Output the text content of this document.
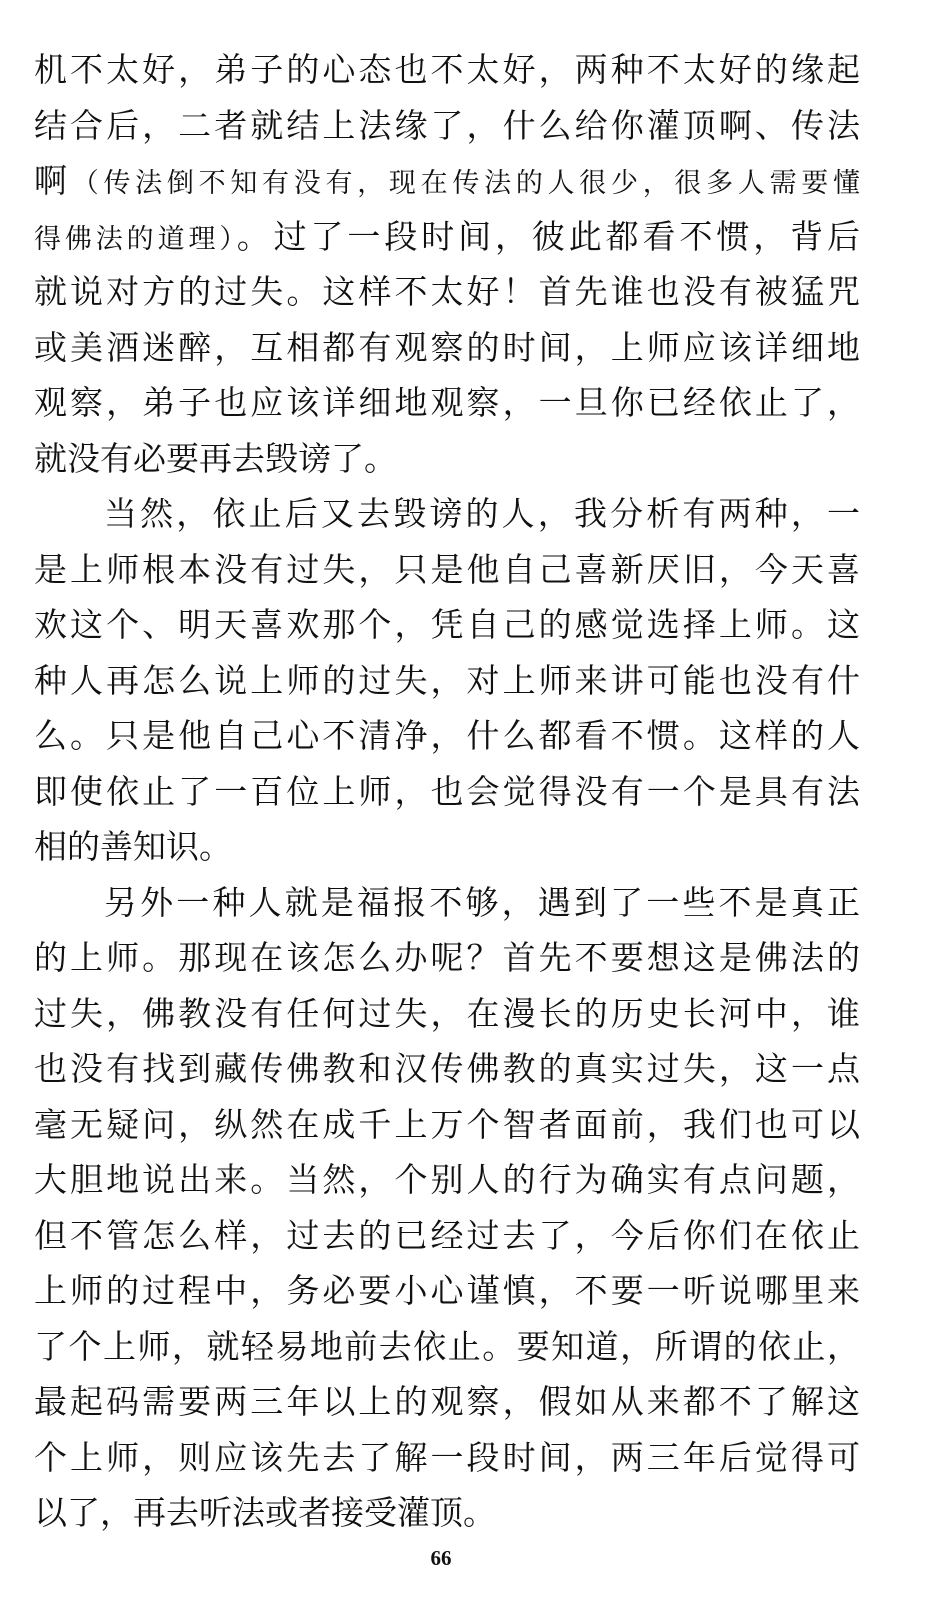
机不太好，弟子的心态也不太好，两种不太好的缘起
结合后，二者就结上法缘了，什么给你灌顶啊、传法
啊（传法倒不知有没有，现在传法的人很少，很多人需要懂
得佛法的道理）。过了一段时间，彼此都看不惯，背后
就说对方的过失。这样不太好！首先谁也没有被猛咒
或美酒迷醉，互相都有观察的时间，上师应该详细地
观察，弟子也应该详细地观察，一旦你已经依止了，
就没有必要再去毁谤了。
当然，依止后又去毁谤的人，我分析有两种，一
是上师根本没有过失，只是他自己喜新厌旧，今天喜
欢这个、明天喜欢那个，凭自己的感觉选择上师。这
种人再怎么说上师的过失，对上师来讲可能也没有什
么。只是他自己心不清净，什么都看不惯。这样的人
即使依止了一百位上师，也会觉得没有一个是具有法
相的善知识。
另外一种人就是福报不够，遇到了一些不是真正
的上师。那现在该怎么办呢？首先不要想这是佛法的
过失，佛教没有任何过失，在漫长的历史长河中，谁
也没有找到藏传佛教和汉传佛教的真实过失，这一点
毫无疑问，纵然在成千上万个智者面前，我们也可以
大胆地说出来。当然，个别人的行为确实有点问题，
但不管怎么样，过去的已经过去了，今后你们在依止
上师的过程中，务必要小心谨慎，不要一听说哪里来
了个上师，就轻易地前去依止。要知道，所谓的依止，
最起码需要两三年以上的观察，假如从来都不了解这
个上师，则应该先去了解一段时间，两三年后觉得可
以了，再去听法或者接受灌顶。
66
